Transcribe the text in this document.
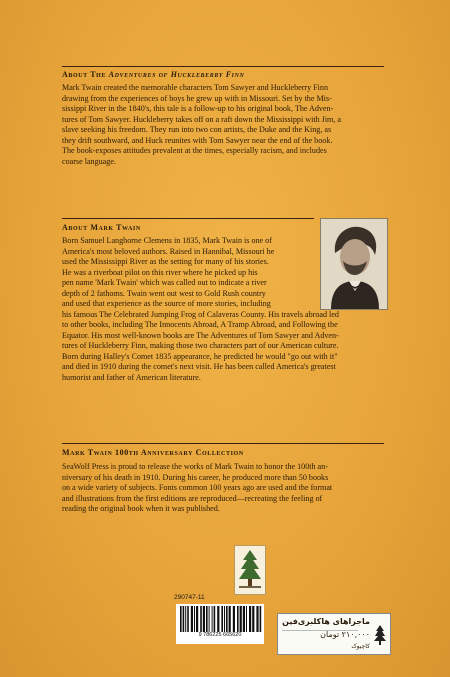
About The Adventures of Huckleberry Finn
Mark Twain created the memorable characters Tom Sawyer and Huckleberry Finn
drawing from the experiences of boys he grew up with in Missouri. Set by the Mis-
sissippi River in the 1840's, this tale is a follow-up to his original book, The Adven-
tures of Tom Sawyer. Huckleberry takes off on a raft down the Mississippi with Jim, a
slave seeking his freedom. They run into two con artists, the Duke and the King, as
they drift southward, and Huck reunites with Tom Sawyer near the end of the book.
The book-exposes attitudes prevalent at the times, especially racism, and includes
coarse language.
About Mark Twain
Born Samuel Langhorne Clemens in 1835, Mark Twain is one of
America's most beloved authors. Raised in Hannibal, Missouri he
used the Mississippi River as the setting for many of his stories.
He was a riverboat pilot on this river where he picked up his
pen name 'Mark Twain' which was called out to indicate a river
depth of 2 fathoms. Twain went out west to Gold Rush country
and used that experience as the source of more stories, including
his famous The Celebrated Jumping Frog of Calaveras County. His travels abroad led
to other books, including The Innocents Abroad, A Tramp Abroad, and Following the
Equator. His most well-known books are The Adventures of Tom Sawyer and Adven-
tures of Huckleberry Finn, making those two characters part of our American culture.
Born during Halley's Comet 1835 appearance, he predicted he would "go out with it"
and died in 1910 during the comet's next visit. He has been called America's greatest
humorist and father of American literature.
Mark Twain 100th Anniversary Collection
SeaWolf Press is proud to release the works of Mark Twain to honor the 100th an-
niversary of his death in 1910. During his career, he produced more than 50 books
on a wide variety of subjects. Fonts common 100 years ago are used and the format
and illustrations from the first editions are reproduced—recreating the feeling of
reading the original book when it was published.
290747-11
9 786225 665620
ماجراهای هاکلبری‌فین
۲۱۰,۰۰۰ تومان
کاچیوک
